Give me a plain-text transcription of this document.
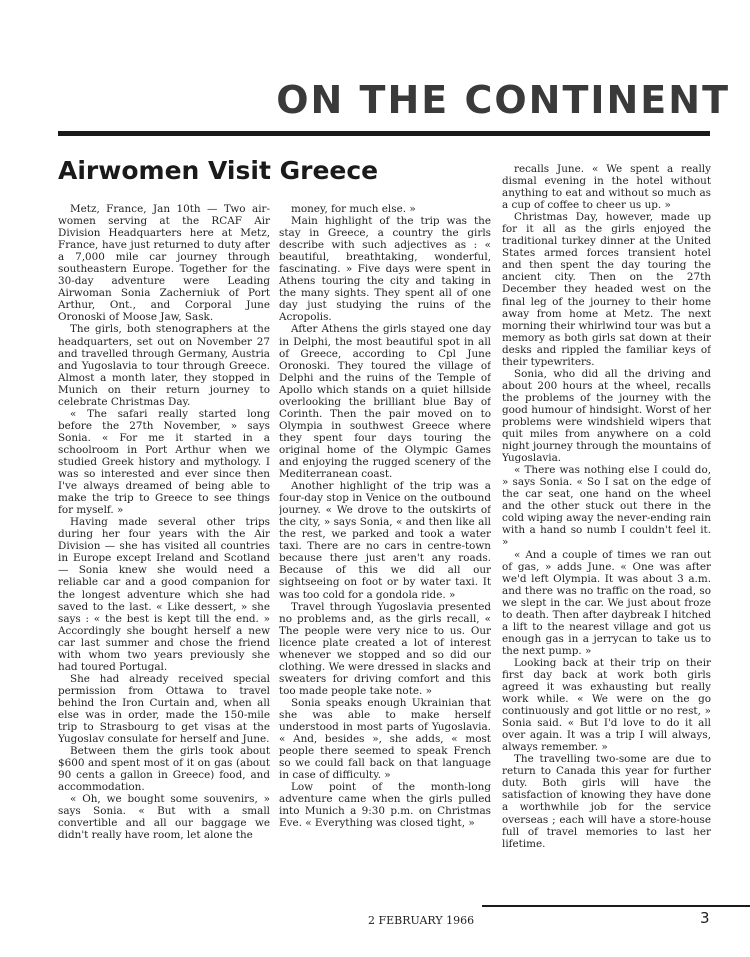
ON THE CONTINENT
Airwomen Visit Greece

Metz, France, Jan 10th — Two air-women serving at the RCAF Air Division Headquarters here at Metz, France, have just returned to duty after a 7,000 mile car journey through southeastern Europe. Together for the 30-day adventure were Leading Airwoman Sonia Zacherniuk of Port Arthur, Ont., and Corporal June Oronoski of Moose Jaw, Sask.

The girls, both stenographers at the headquarters, set out on November 27 and travelled through Germany, Austria and Yugoslavia to tour through Greece. Almost a month later, they stopped in Munich on their return journey to celebrate Christmas Day.

« The safari really started long before the 27th November, » says Sonia. « For me it started in a schoolroom in Port Arthur when we studied Greek history and mythology. I was so interested and ever since then I've always dreamed of being able to make the trip to Greece to see things for myself. »

Having made several other trips during her four years with the Air Division — she has visited all countries in Europe except Ireland and Scotland — Sonia knew she would need a reliable car and a good companion for the longest adventure which she had saved to the last. « Like dessert, » she says : « the best is kept till the end. » Accordingly she bought herself a new car last summer and chose the friend with whom two years previously she had toured Portugal.

She had already received special permission from Ottawa to travel behind the Iron Curtain and, when all else was in order, made the 150-mile trip to Strasbourg to get visas at the Yugoslav consulate for herself and June.

Between them the girls took about $600 and spent most of it on gas (about 90 cents a gallon in Greece) food, and accommodation.

« Oh, we bought some souvenirs, » says Sonia. « But with a small convertible and all our baggage we didn't really have room, let alone the

money, for much else. »

Main highlight of the trip was the stay in Greece, a country the girls describe with such adjectives as : « beautiful, breathtaking, wonderful, fascinating. » Five days were spent in Athens touring the city and taking in the many sights. They spent all of one day just studying the ruins of the Acropolis.

After Athens the girls stayed one day in Delphi, the most beautiful spot in all of Greece, according to Cpl June Oronoski. They toured the village of Delphi and the ruins of the Temple of Apollo which stands on a quiet hillside overlooking the brilliant blue Bay of Corinth. Then the pair moved on to Olympia in southwest Greece where they spent four days touring the original home of the Olympic Games and enjoying the rugged scenery of the Mediterranean coast.

Another highlight of the trip was a four-day stop in Venice on the outbound journey. « We drove to the outskirts of the city, » says Sonia, « and then like all the rest, we parked and took a water taxi. There are no cars in centre-town because there just aren't any roads. Because of this we did all our sightseeing on foot or by water taxi. It was too cold for a gondola ride. »

Travel through Yugoslavia presented no problems and, as the girls recall, « The people were very nice to us. Our licence plate created a lot of interest whenever we stopped and so did our clothing. We were dressed in slacks and sweaters for driving comfort and this too made people take note. »

Sonia speaks enough Ukrainian that she was able to make herself understood in most parts of Yugoslavia. « And, besides », she adds, « most people there seemed to speak French so we could fall back on that language in case of difficulty. »

Low point of the month-long adventure came when the girls pulled into Munich a 9:30 p.m. on Christmas Eve. « Everything was closed tight, »

recalls June. « We spent a really dismal evening in the hotel without anything to eat and without so much as a cup of coffee to cheer us up. »

Christmas Day, however, made up for it all as the girls enjoyed the traditional turkey dinner at the United States armed forces transient hotel and then spent the day touring the ancient city. Then on the 27th December they headed west on the final leg of the journey to their home away from home at Metz. The next morning their whirlwind tour was but a memory as both girls sat down at their desks and rippled the familiar keys of their typewriters.

Sonia, who did all the driving and about 200 hours at the wheel, recalls the problems of the journey with the good humour of hindsight. Worst of her problems were windshield wipers that quit miles from anywhere on a cold night journey through the mountains of Yugoslavia.

« There was nothing else I could do, » says Sonia. « So I sat on the edge of the car seat, one hand on the wheel and the other stuck out there in the cold wiping away the never-ending rain with a hand so numb I couldn't feel it. »

« And a couple of times we ran out of gas, » adds June. « One was after we'd left Olympia. It was about 3 a.m. and there was no traffic on the road, so we slept in the car. We just about froze to death. Then after daybreak I hitched a lift to the nearest village and got us enough gas in a jerrycan to take us to the next pump. »

Looking back at their trip on their first day back at work both girls agreed it was exhausting but really work while. « We were on the go continuously and got little or no rest, » Sonia said. « But I'd love to do it all over again. It was a trip I will always, always remember. »

The travelling two-some are due to return to Canada this year for further duty. Both girls will have the satisfaction of knowing they have done a worthwhile job for the service overseas ; each will have a store-house full of travel memories to last her lifetime.

2 FEBRUARY 1966	3
